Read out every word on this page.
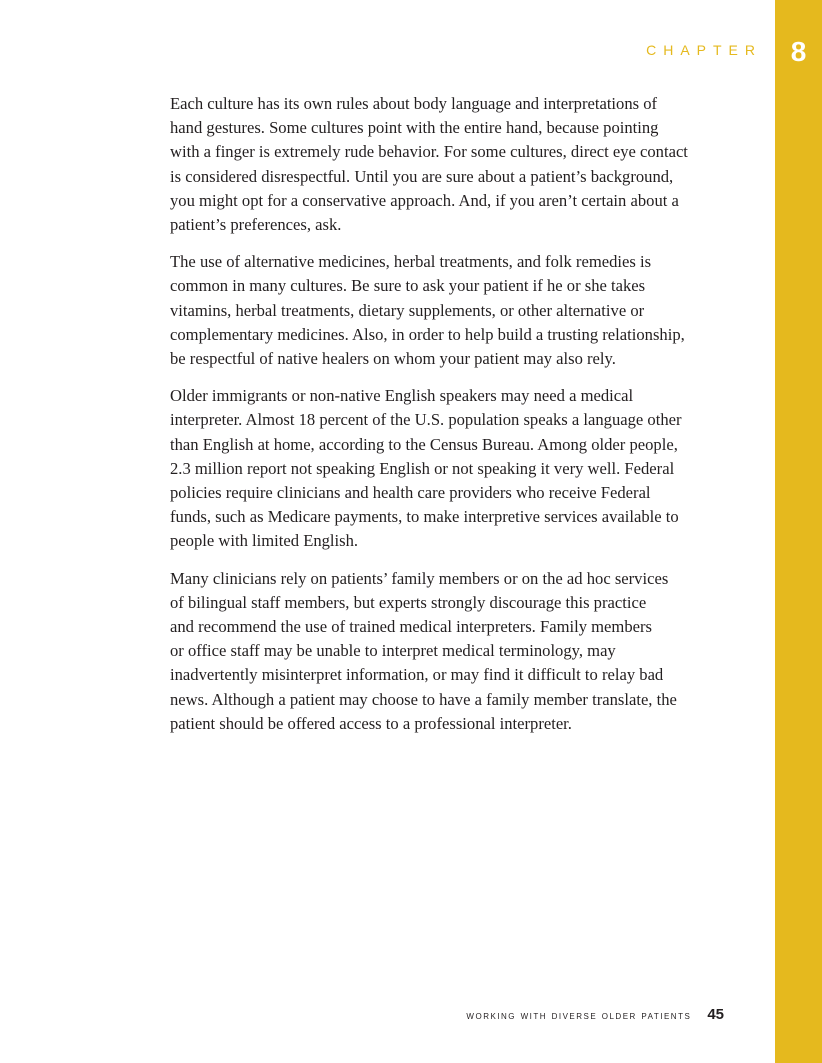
8
CHAPTER

Each culture has its own rules about body language and interpretations of
hand gestures. Some cultures point with the entire hand, because pointing
with a finger is extremely rude behavior. For some cultures, direct eye contact
is considered disrespectful. Until you are sure about a patient’s background,
you might opt for a conservative approach. And, if you aren’t certain about a
patient’s preferences, ask.

The use of alternative medicines, herbal treatments, and folk remedies is
common in many cultures. Be sure to ask your patient if he or she takes
vitamins, herbal treatments, dietary supplements, or other alternative or
complementary medicines. Also, in order to help build a trusting relationship,
be respectful of native healers on whom your patient may also rely.

Older immigrants or non-native English speakers may need a medical
interpreter. Almost 18 percent of the U.S. population speaks a language other
than English at home, according to the Census Bureau. Among older people,
2.3 million report not speaking English or not speaking it very well. Federal
policies require clinicians and health care providers who receive Federal
funds, such as Medicare payments, to make interpretive services available to
people with limited English.

Many clinicians rely on patients’ family members or on the ad hoc services
of bilingual staff members, but experts strongly discourage this practice
and recommend the use of trained medical interpreters. Family members
or office staff may be unable to interpret medical terminology, may
inadvertently misinterpret information, or may find it difficult to relay bad
news. Although a patient may choose to have a family member translate, the
patient should be offered access to a professional interpreter.

working with diverse older patients 45
